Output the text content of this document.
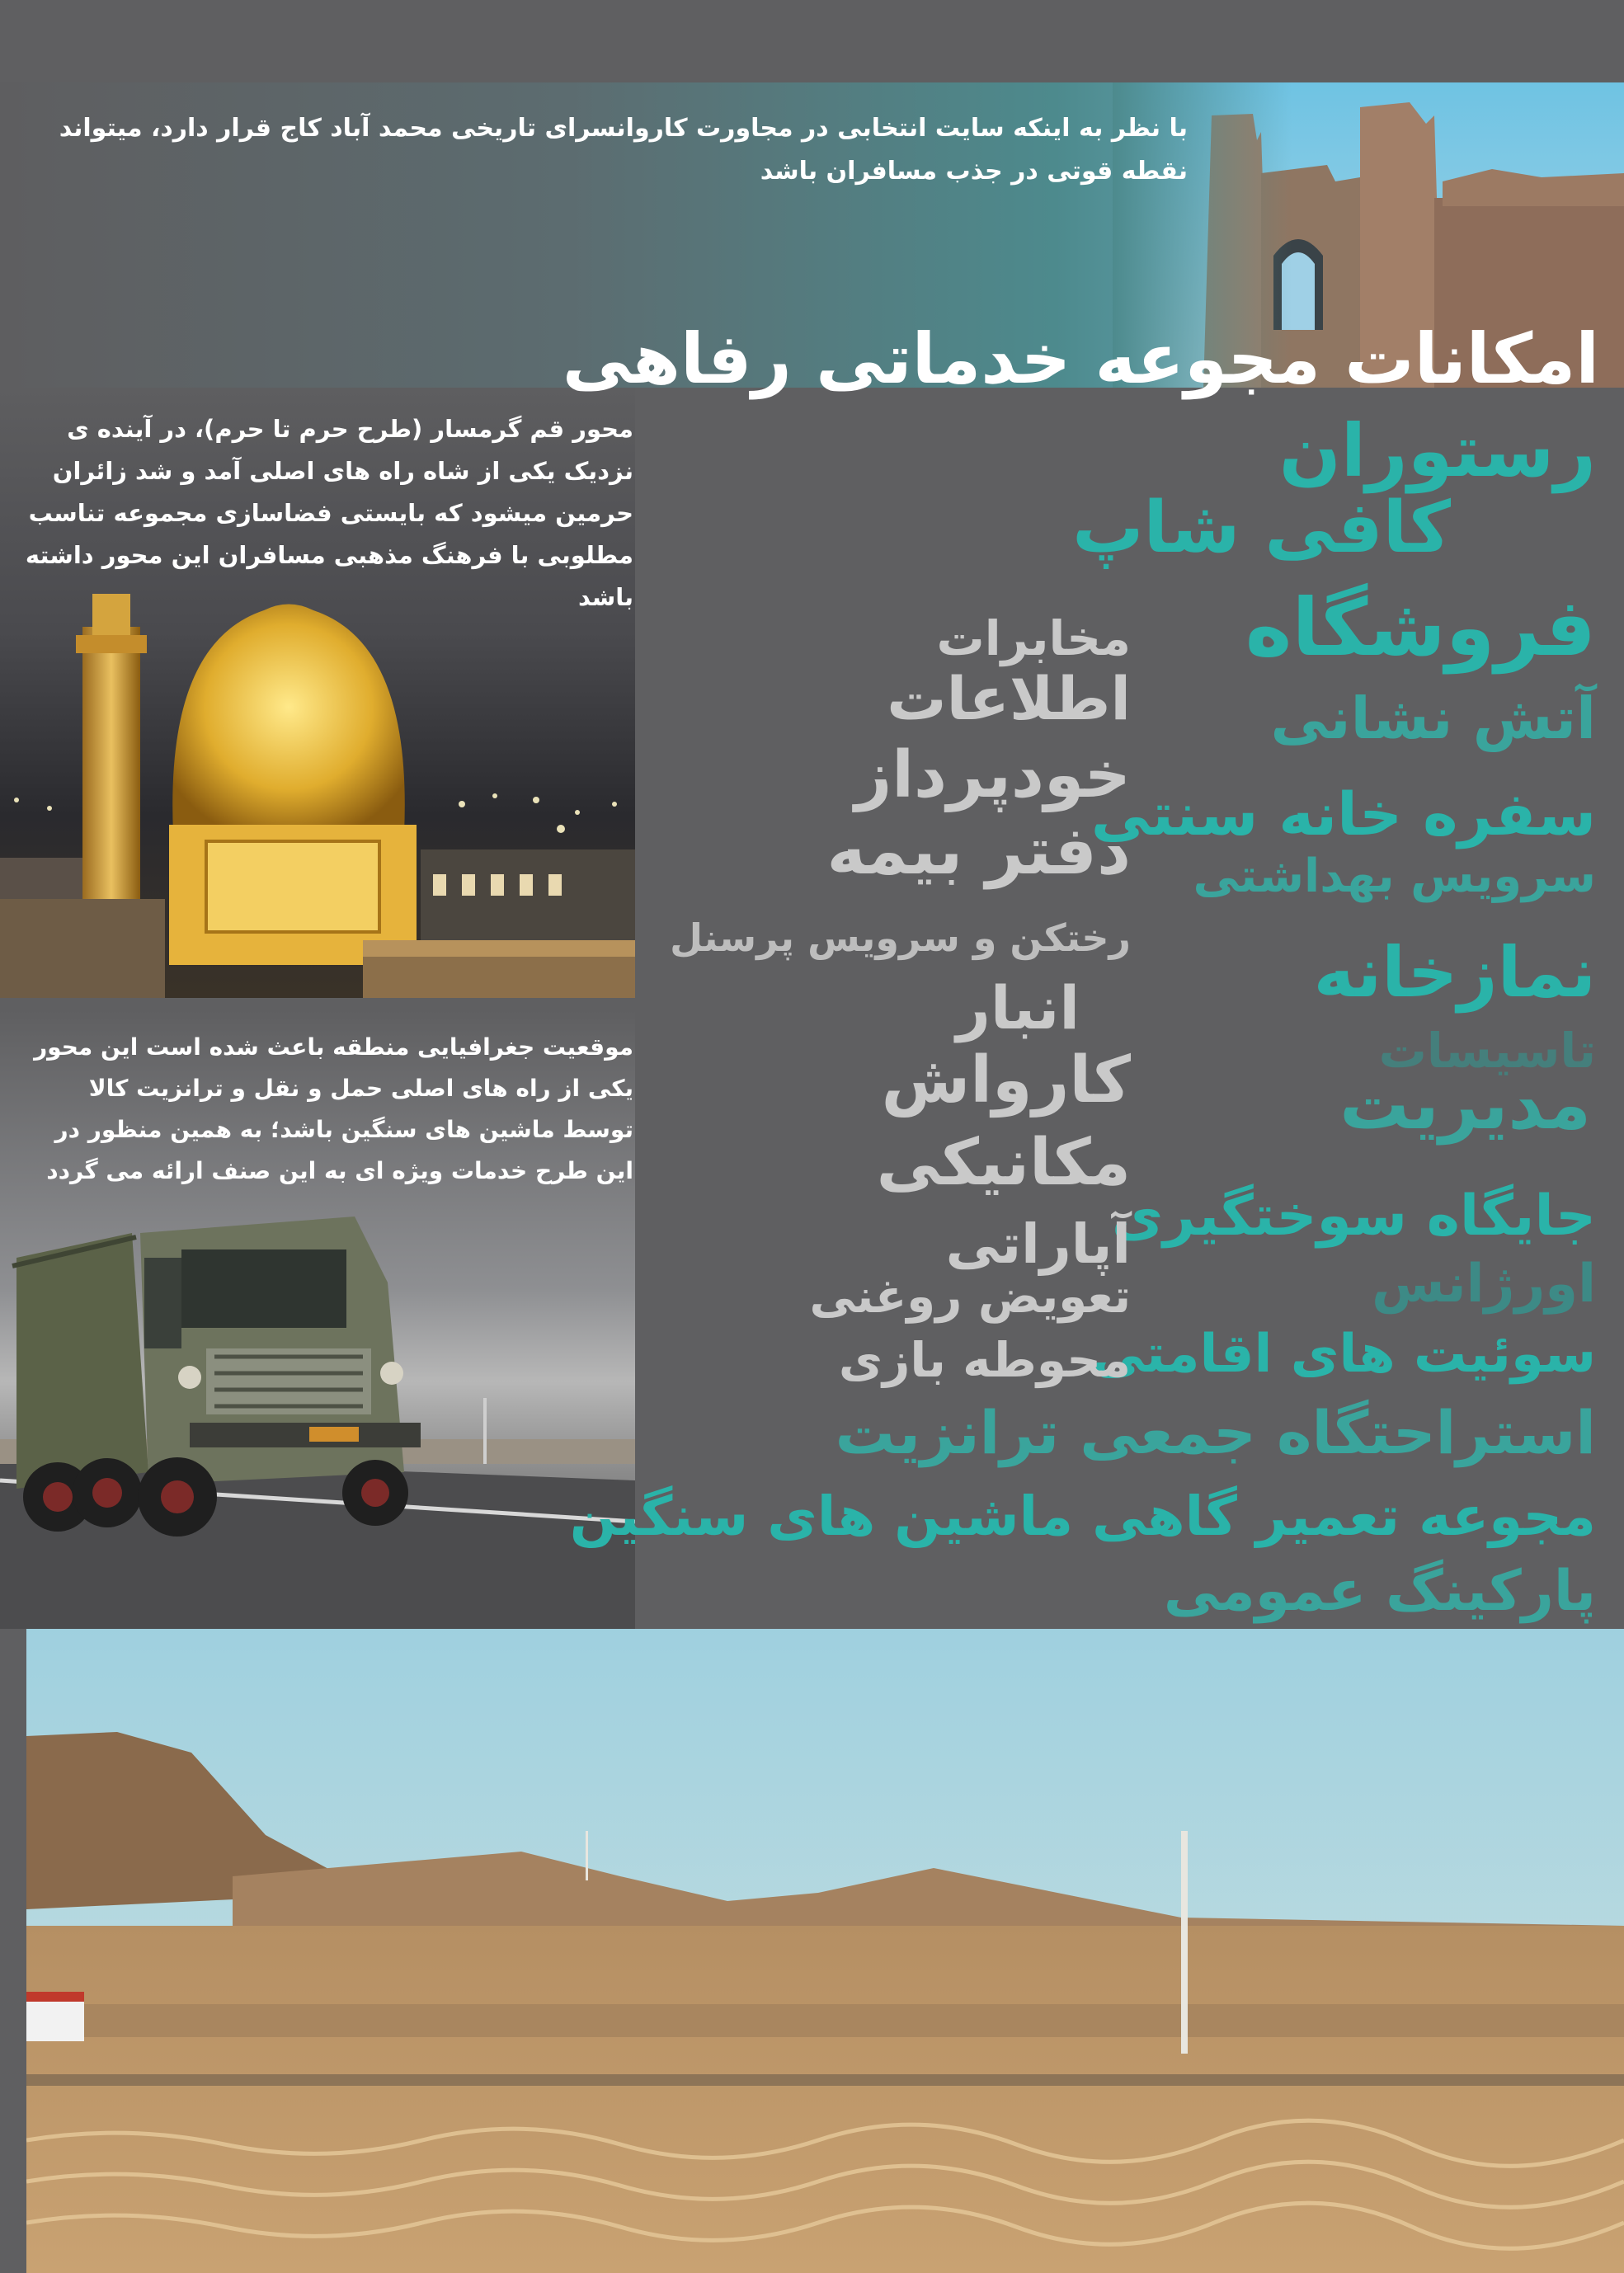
با نظر به اینکه سایت انتخابی در مجاورت کاروانسرای تاریخی محمد آباد کاج قرار دارد، میتواند نقطه قوتی در جذب مسافران باشد
محور قم گرمسار (طرح حرم تا حرم)، در آینده ی نزدیک یکی از شاه راه های اصلی آمد و شد زائران حرمین میشود که بایستی فضاسازی مجموعه تناسب مطلوبی با فرهنگ مذهبی مسافران این محور داشته باشد
موقعیت جغرافیایی منطقه باعث شده است این محور یکی از راه های اصلی حمل و نقل و ترانزیت کالا توسط ماشین های سنگین باشد؛ به همین منظور در این طرح خدمات ویژه ای به این صنف ارائه می گردد
امکانات مجوعه خدماتی رفاهی
رستوران
کافی شاپ
فروشگاه
آتش نشانی
سفره خانه سنتی
سرویس بهداشتی
نمازخانه
تاسیسات
مدیریت
جایگاه سوختگیری
اورژانس
سوئیت های اقامتی
استراحتگاه جمعی ترانزیت
مجوعه تعمیر گاهی ماشین های سنگین
پارکینگ عمومی
مخابرات
اطلاعات
خودپرداز
دفتر بیمه
رختکن و سرویس پرسنل
انبار
کارواش
مکانیکی
آپاراتی
تعویض روغنی
محوطه بازی
